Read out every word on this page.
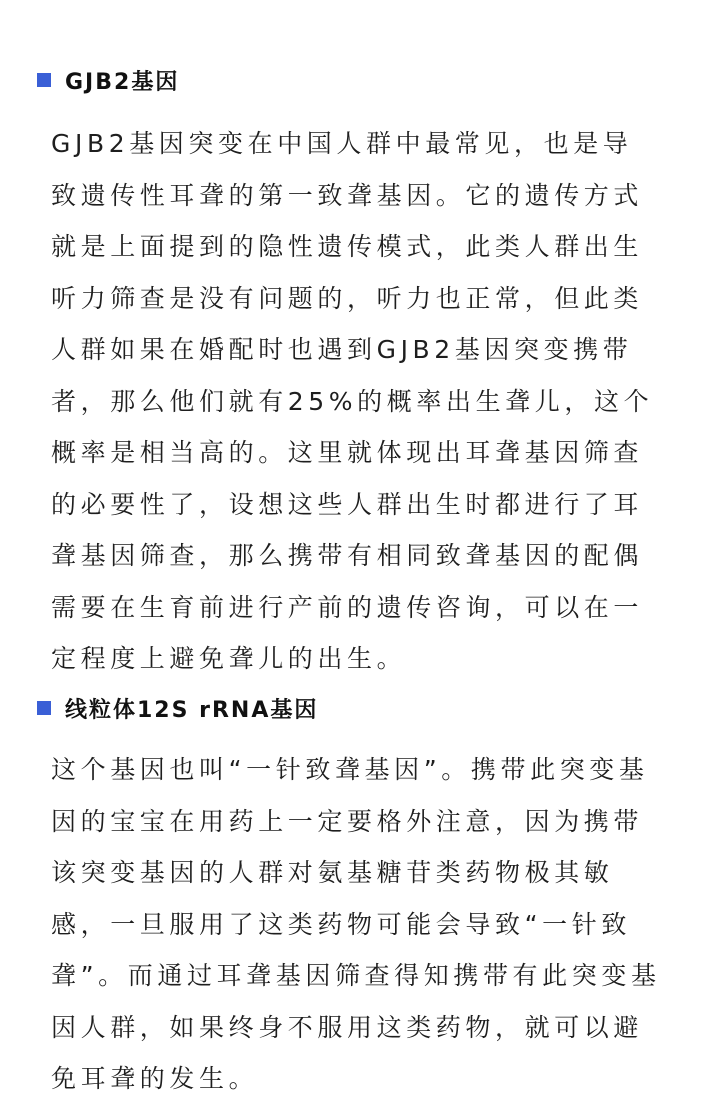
GJB2基因

GJB2基因突变在中国人群中最常见，也是导致遗传性耳聋的第一致聋基因。它的遗传方式就是上面提到的隐性遗传模式，此类人群出生听力筛查是没有问题的，听力也正常，但此类人群如果在婚配时也遇到GJB2基因突变携带者，那么他们就有25%的概率出生聋儿，这个概率是相当高的。这里就体现出耳聋基因筛查的必要性了，设想这些人群出生时都进行了耳聋基因筛查，那么携带有相同致聋基因的配偶需要在生育前进行产前的遗传咨询，可以在一定程度上避免聋儿的出生。

线粒体12S rRNA基因

这个基因也叫“一针致聋基因”。携带此突变基因的宝宝在用药上一定要格外注意，因为携带该突变基因的人群对氨基糖苷类药物极其敏感，一旦服用了这类药物可能会导致“一针致聋”。而通过耳聋基因筛查得知携带有此突变基因人群，如果终身不服用这类药物，就可以避免耳聋的发生。
